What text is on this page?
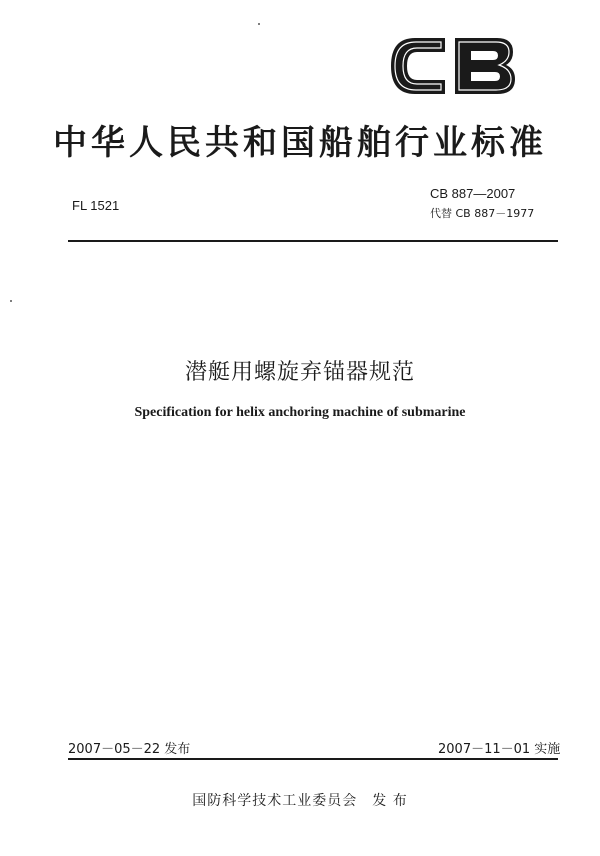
中华人民共和国船舶行业标准
FL 1521
CB 887—2007
代替 CB 887－1977
潜艇用螺旋弃锚器规范
Specification for helix anchoring machine of submarine
2007－05－22 发布	2007－11－01 实施
国防科学技术工业委员会　发 布
